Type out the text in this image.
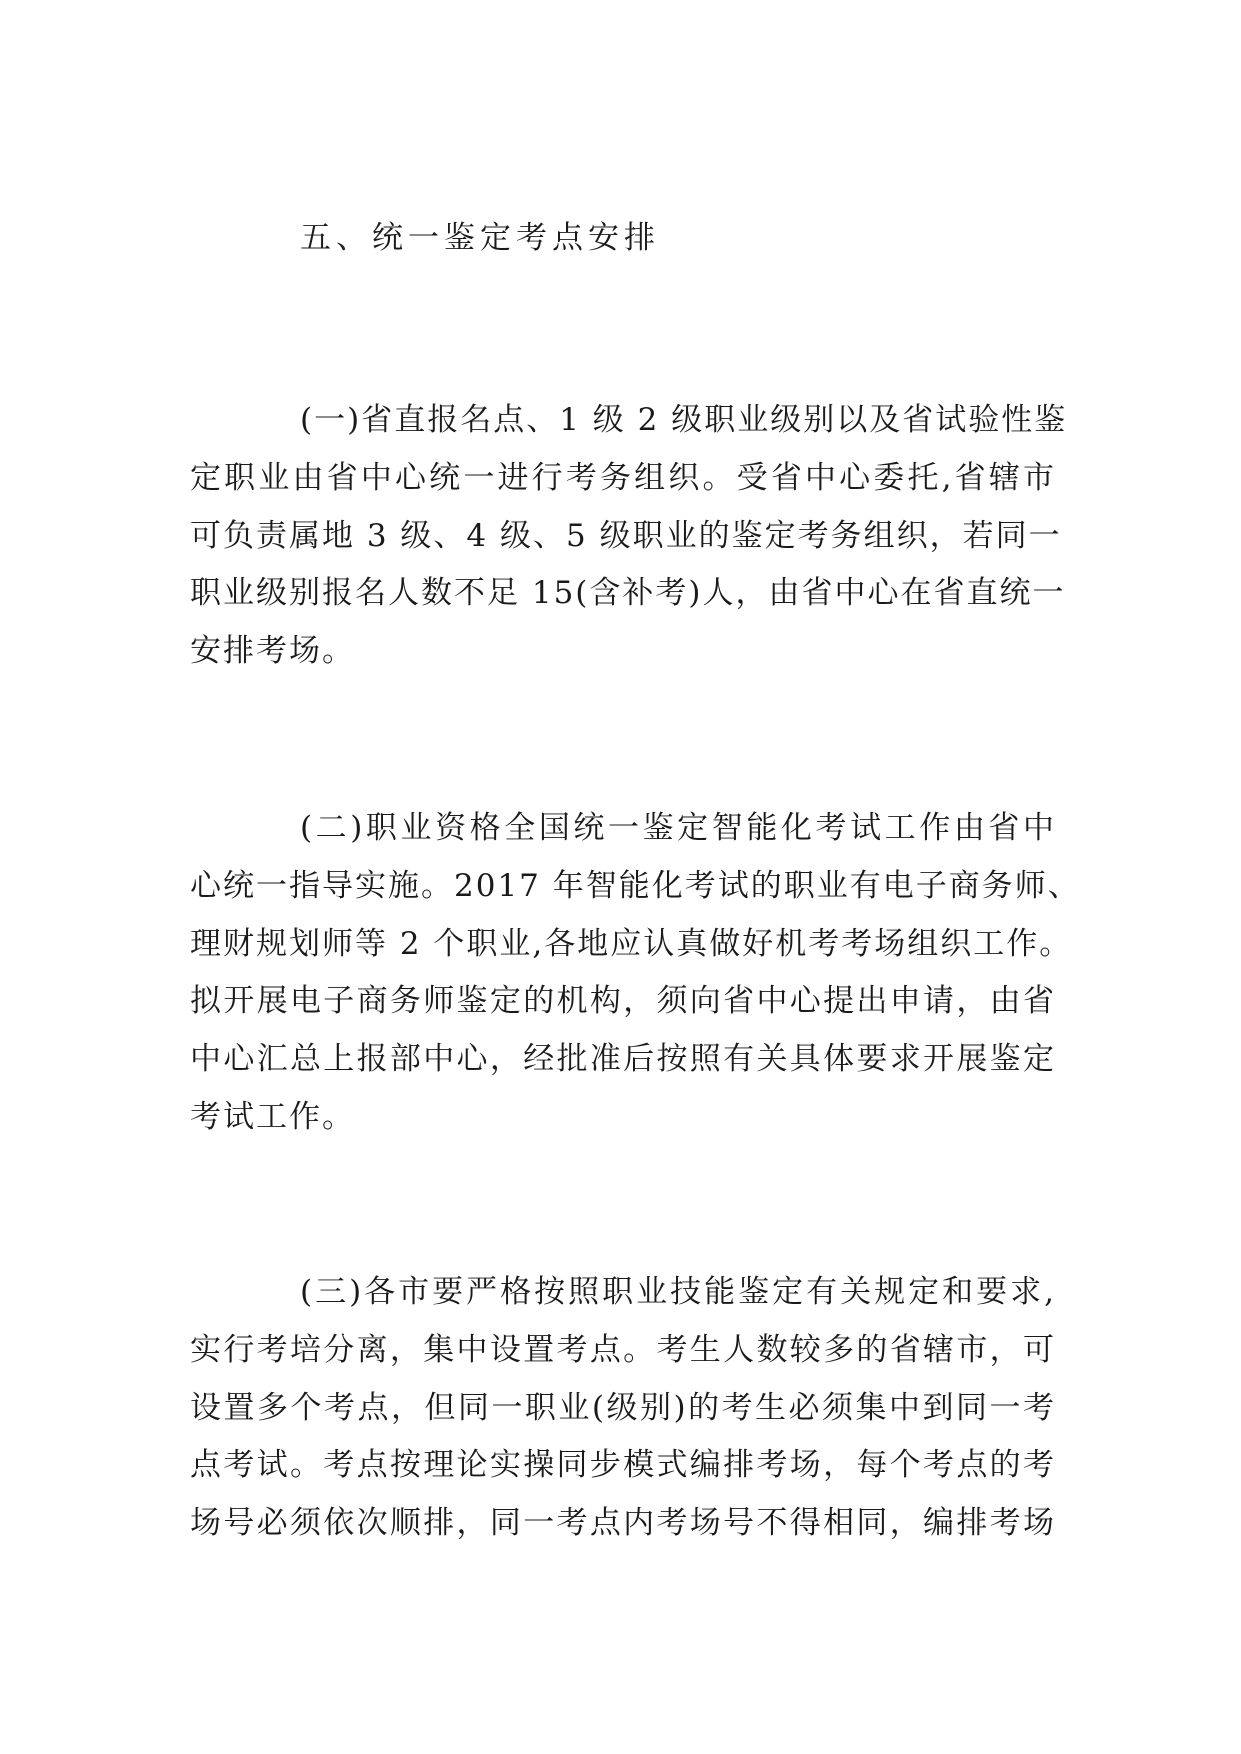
五、统一鉴定考点安排
(一)省直报名点、1 级 2 级职业级别以及省试验性鉴
定职业由省中心统一进行考务组织。受省中心委托,省辖市
可负责属地 3 级、4 级、5 级职业的鉴定考务组织，若同一
职业级别报名人数不足 15(含补考)人，由省中心在省直统一
安排考场。
(二)职业资格全国统一鉴定智能化考试工作由省中
心统一指导实施。2017 年智能化考试的职业有电子商务师、
理财规划师等 2 个职业,各地应认真做好机考考场组织工作。
拟开展电子商务师鉴定的机构，须向省中心提出申请，由省
中心汇总上报部中心，经批准后按照有关具体要求开展鉴定
考试工作。
(三)各市要严格按照职业技能鉴定有关规定和要求,
实行考培分离，集中设置考点。考生人数较多的省辖市，可
设置多个考点，但同一职业(级别)的考生必须集中到同一考
点考试。考点按理论实操同步模式编排考场，每个考点的考
场号必须依次顺排，同一考点内考场号不得相同，编排考场
